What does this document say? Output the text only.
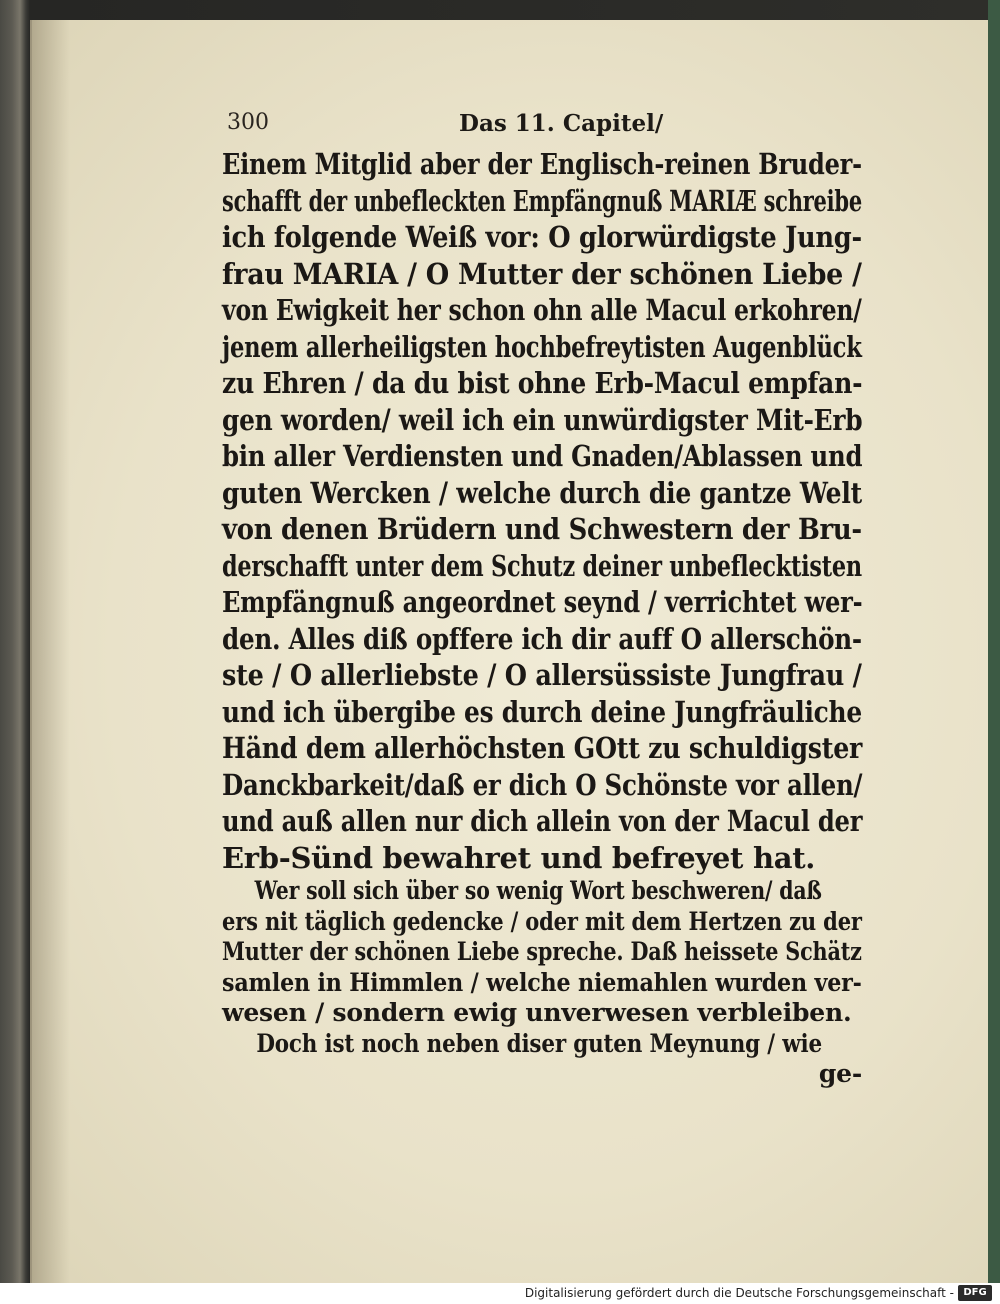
300	Das 11. Capitel/
Einem Mitglid aber der Englisch-reinen Bruder-
schafft der unbefleckten Empfängnuß MARIÆ schreibe
ich folgende Weiß vor: O glorwürdigste Jung-
frau MARIA / O Mutter der schönen Liebe /
von Ewigkeit her schon ohn alle Macul erkohren/
jenem allerheiligsten hochbefreytisten Augenblück
zu Ehren / da du bist ohne Erb-Macul empfan-
gen worden/ weil ich ein unwürdigster Mit-Erb
bin aller Verdiensten und Gnaden/Ablassen und
guten Wercken / welche durch die gantze Welt
von denen Brüdern und Schwestern der Bru-
derschafft unter dem Schutz deiner unbeflecktisten
Empfängnuß angeordnet seynd / verrichtet wer-
den. Alles diß opffere ich dir auff O allerschön-
ste / O allerliebste / O allersüssiste Jungfrau /
und ich übergibe es durch deine Jungfräuliche
Händ dem allerhöchsten GOtt zu schuldigster
Danckbarkeit/daß er dich O Schönste vor allen/
und auß allen nur dich allein von der Macul der
Erb-Sünd bewahret und befreyet hat.
Wer soll sich über so wenig Wort beschweren/ daß
ers nit täglich gedencke / oder mit dem Hertzen zu der
Mutter der schönen Liebe spreche. Daß heissete Schätz
samlen in Himmlen / welche niemahlen wurden ver-
wesen / sondern ewig unverwesen verbleiben.
Doch ist noch neben diser guten Meynung / wie
ge-
Digitalisierung gefördert durch die Deutsche Forschungsgemeinschaft - DFG
